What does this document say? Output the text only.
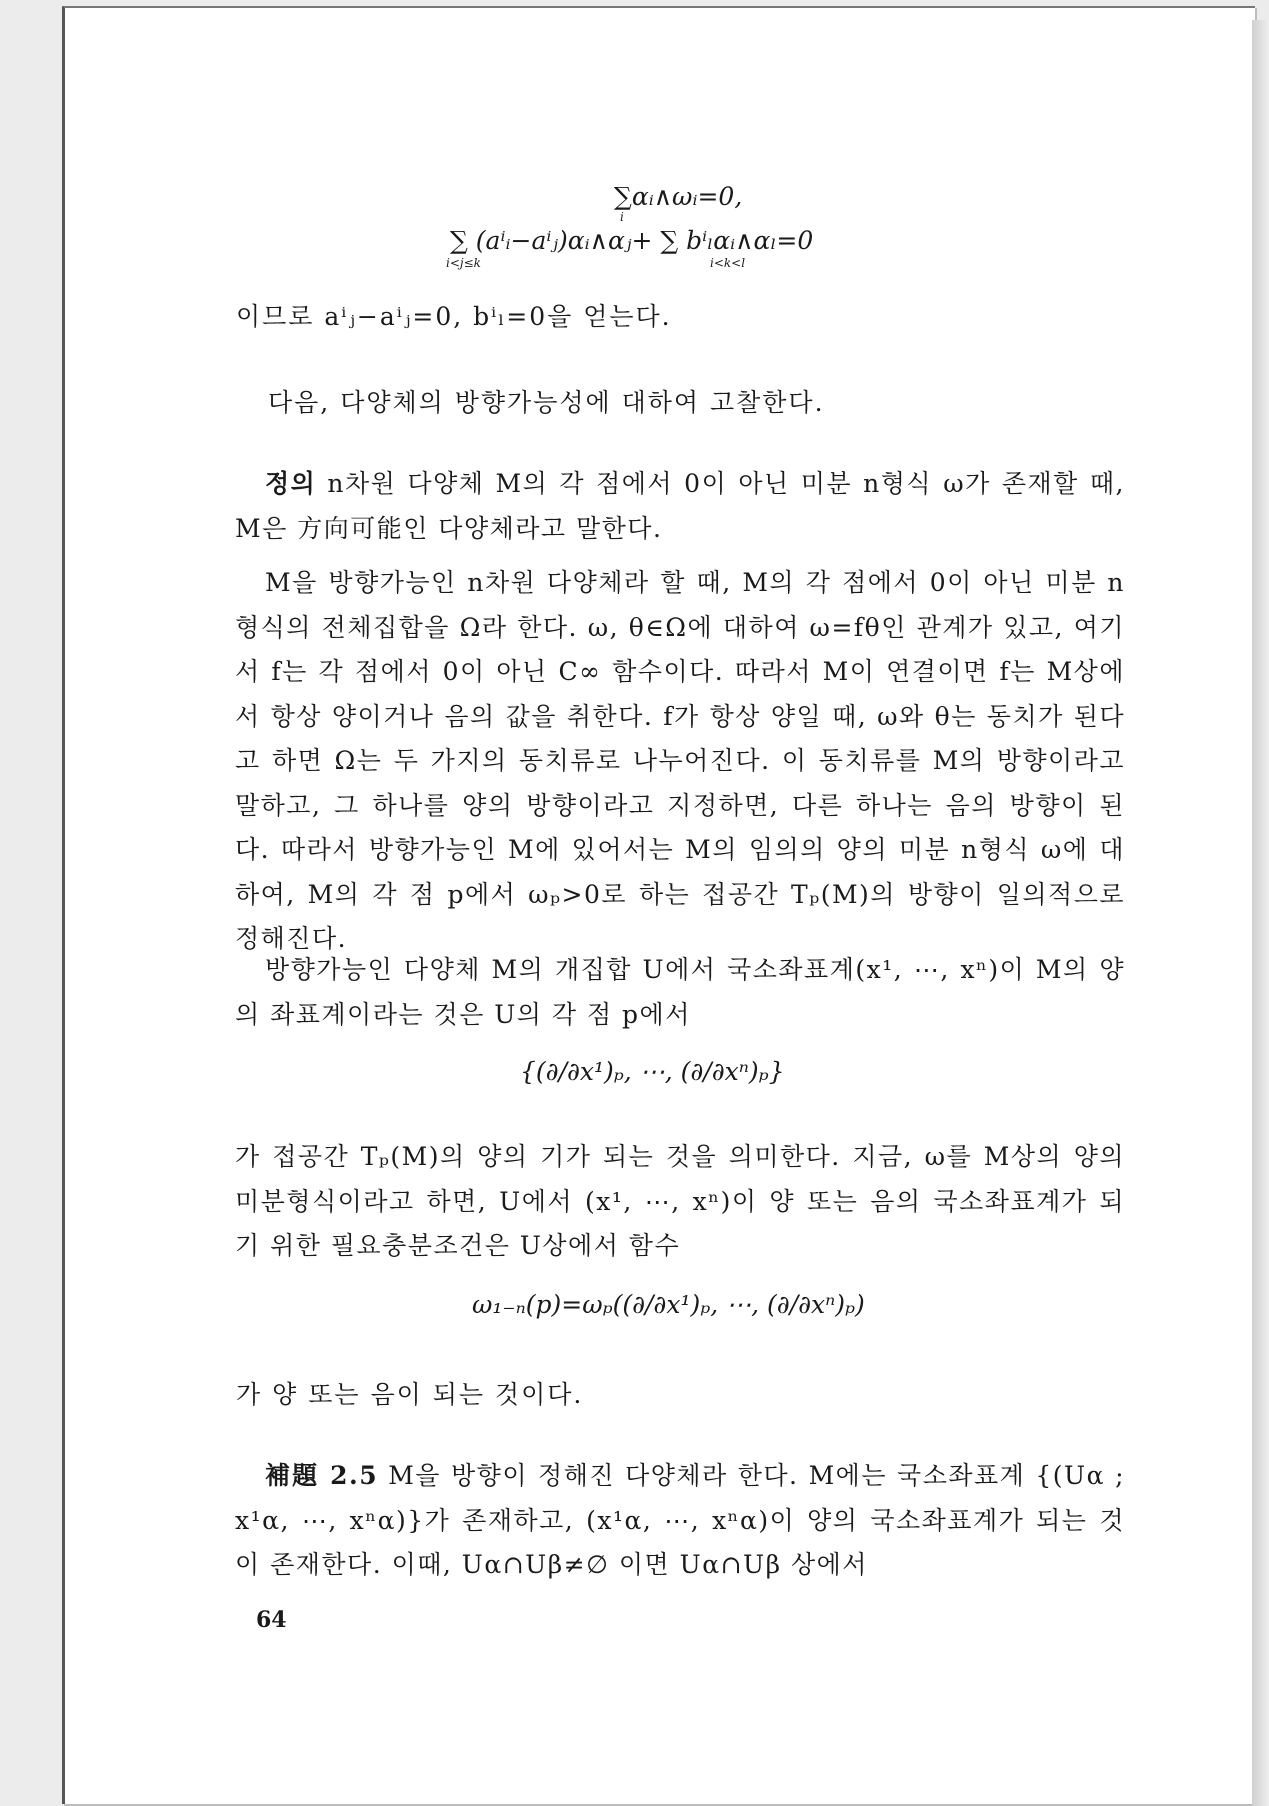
∑αᵢ∧ωᵢ=0,
i
∑ (aⁱᵢ−aⁱⱼ)αᵢ∧αⱼ+ ∑ bⁱₗαᵢ∧αₗ=0
i<j≤k	i<k<l
이므로 aⁱⱼ−aⁱⱼ=0, bⁱₗ=0을 얻는다.
다음, 다양체의 방향가능성에 대하여 고찰한다.

정의 n차원 다양체 M의 각 점에서 0이 아닌 미분 n형식 ω가 존재할 때, M은 方向可能인 다양체라고 말한다.

M을 방향가능인 n차원 다양체라 할 때, M의 각 점에서 0이 아닌 미분 n형식의 전체집합을 Ω라 한다. ω, θ∈Ω에 대하여 ω=fθ인 관계가 있고, 여기서 f는 각 점에서 0이 아닌 C∞ 함수이다. 따라서 M이 연결이면 f는 M상에서 항상 양이거나 음의 값을 취한다. f가 항상 양일 때, ω와 θ는 동치가 된다고 하면 Ω는 두 가지의 동치류로 나누어진다. 이 동치류를 M의 방향이라고 말하고, 그 하나를 양의 방향이라고 지정하면, 다른 하나는 음의 방향이 된다. 따라서 방향가능인 M에 있어서는 M의 임의의 양의 미분 n형식 ω에 대하여, M의 각 점 p에서 ωₚ>0로 하는 접공간 Tₚ(M)의 방향이 일의적으로 정해진다.

방향가능인 다양체 M의 개집합 U에서 국소좌표계(x¹, ⋯, xⁿ)이 M의 양의 좌표계이라는 것은 U의 각 점 p에서

{(∂/∂x¹)ₚ, ⋯, (∂/∂xⁿ)ₚ}

가 접공간 Tₚ(M)의 양의 기가 되는 것을 의미한다. 지금, ω를 M상의 양의 미분형식이라고 하면, U에서 (x¹, ⋯, xⁿ)이 양 또는 음의 국소좌표계가 되기 위한 필요충분조건은 U상에서 함수

ω₁₋ₙ(p)=ωₚ((∂/∂x¹)ₚ, ⋯, (∂/∂xⁿ)ₚ)
가 양 또는 음이 되는 것이다.

補題 2.5 M을 방향이 정해진 다양체라 한다. M에는 국소좌표계 {(Uα ; x¹α, ⋯, xⁿα)}가 존재하고, (x¹α, ⋯, xⁿα)이 양의 국소좌표계가 되는 것이 존재한다. 이때, Uα∩Uβ≠∅ 이면 Uα∩Uβ 상에서

64
